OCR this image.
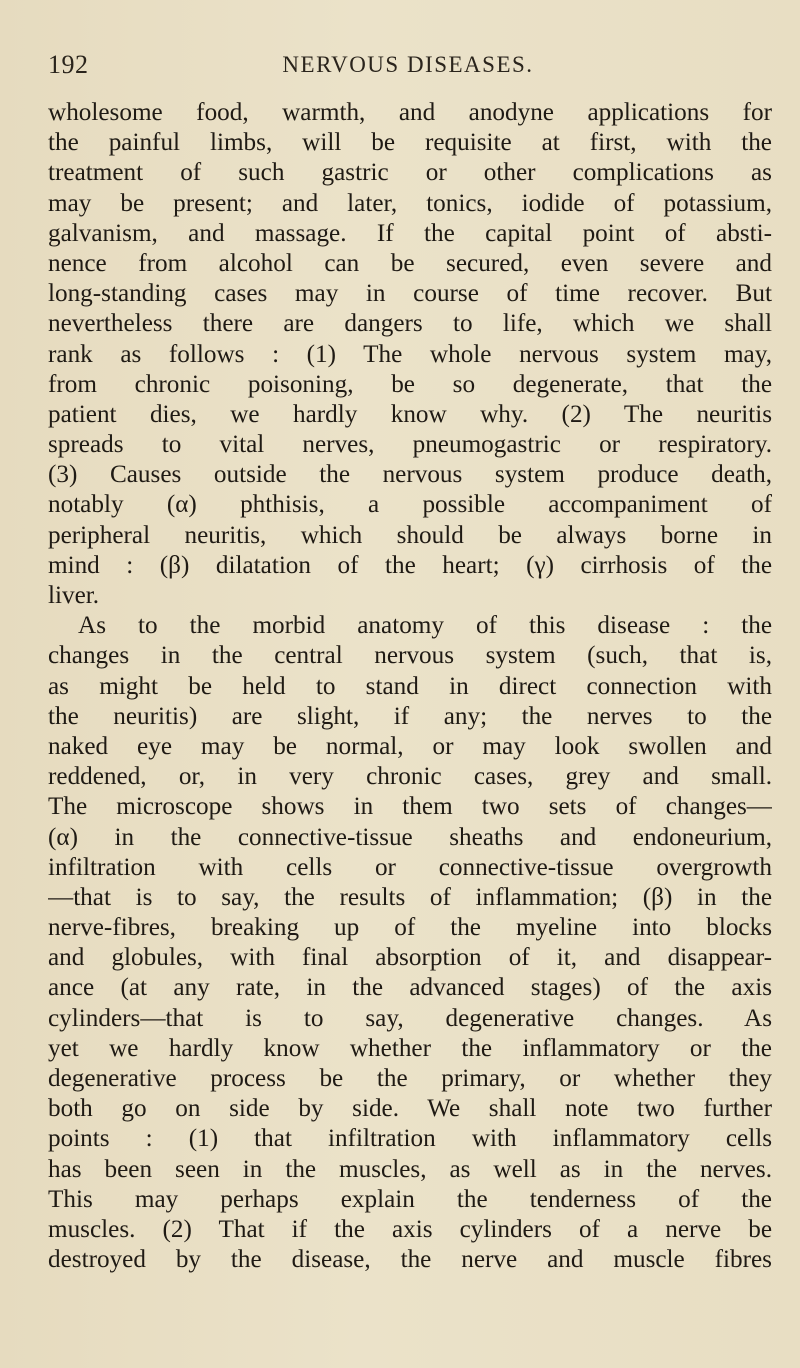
192	NERVOUS DISEASES.
wholesome food, warmth, and anodyne applications for
the painful limbs, will be requisite at first, with the
treatment of such gastric or other complications as
may be present; and later, tonics, iodide of potassium,
galvanism, and massage. If the capital point of absti-
nence from alcohol can be secured, even severe and
long-standing cases may in course of time recover. But
nevertheless there are dangers to life, which we shall
rank as follows : (1) The whole nervous system may,
from chronic poisoning, be so degenerate, that the
patient dies, we hardly know why. (2) The neuritis
spreads to vital nerves, pneumogastric or respiratory.
(3) Causes outside the nervous system produce death,
notably (α) phthisis, a possible accompaniment of
peripheral neuritis, which should be always borne in
mind : (β) dilatation of the heart; (γ) cirrhosis of the
liver.
As to the morbid anatomy of this disease : the
changes in the central nervous system (such, that is,
as might be held to stand in direct connection with
the neuritis) are slight, if any; the nerves to the
naked eye may be normal, or may look swollen and
reddened, or, in very chronic cases, grey and small.
The microscope shows in them two sets of changes—
(α) in the connective-tissue sheaths and endoneurium,
infiltration with cells or connective-tissue overgrowth
—that is to say, the results of inflammation; (β) in the
nerve-fibres, breaking up of the myeline into blocks
and globules, with final absorption of it, and disappear-
ance (at any rate, in the advanced stages) of the axis
cylinders—that is to say, degenerative changes. As
yet we hardly know whether the inflammatory or the
degenerative process be the primary, or whether they
both go on side by side. We shall note two further
points : (1) that infiltration with inflammatory cells
has been seen in the muscles, as well as in the nerves.
This may perhaps explain the tenderness of the
muscles. (2) That if the axis cylinders of a nerve be
destroyed by the disease, the nerve and muscle fibres
